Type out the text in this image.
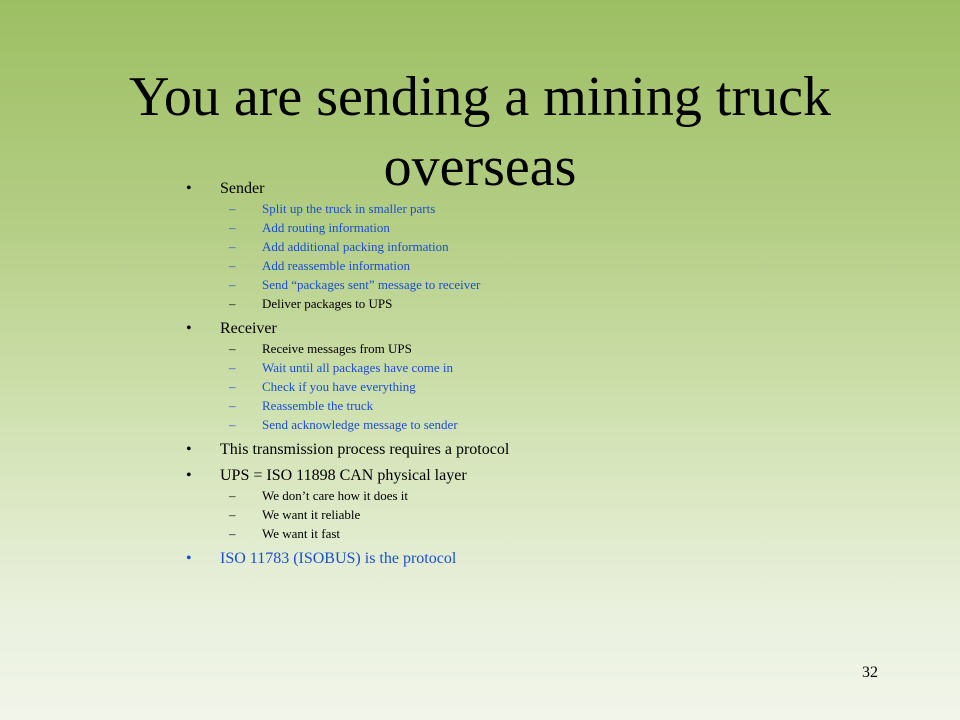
You are sending a mining truck overseas
• Sender
– Split up the truck in smaller parts
– Add routing information
– Add additional packing information
– Add reassemble information
– Send “packages sent” message to receiver
– Deliver packages to UPS
• Receiver
– Receive messages from UPS
– Wait until all packages have come in
– Check if you have everything
– Reassemble the truck
– Send acknowledge message to sender
• This transmission process requires a protocol
• UPS = ISO 11898 CAN physical layer
– We don’t care how it does it
– We want it reliable
– We want it fast
• ISO 11783 (ISOBUS) is the protocol
32
